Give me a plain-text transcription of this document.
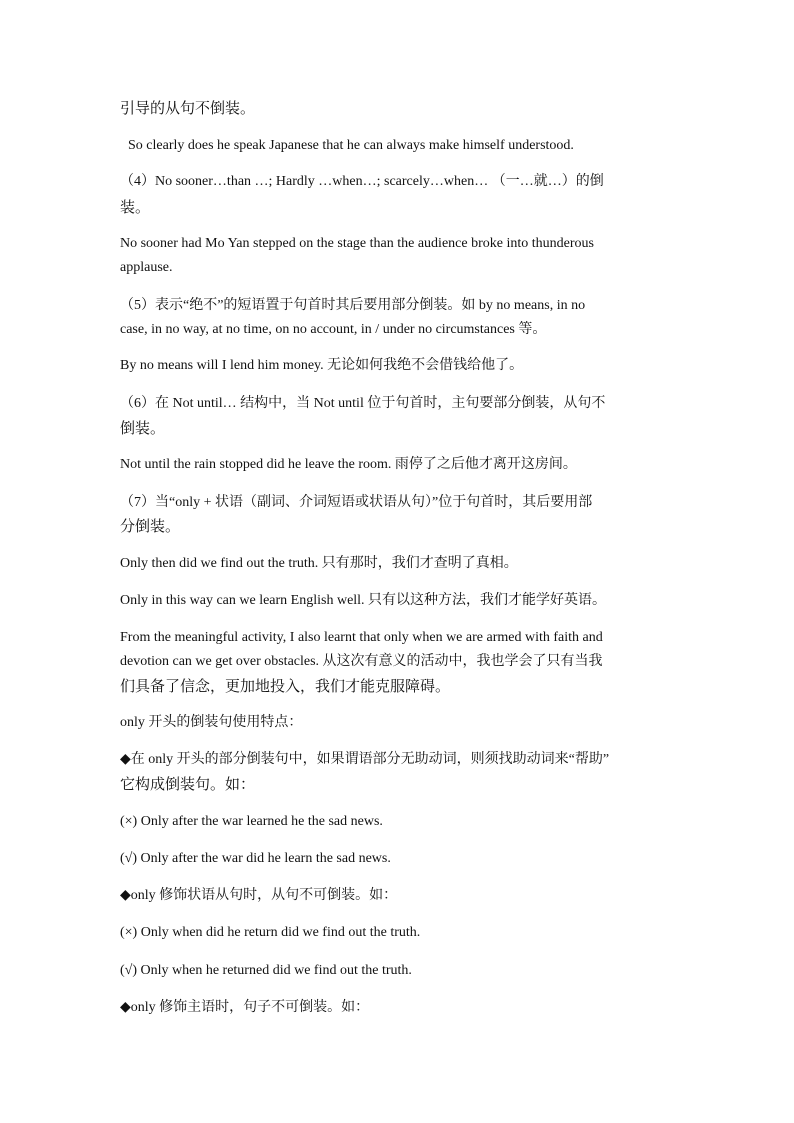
引导的从句不倒装。
So clearly does he speak Japanese that he can always make himself understood.
（4）No sooner…than …; Hardly …when…; scarcely…when… （一…就…）的倒
装。
No sooner had Mo Yan stepped on the stage than the audience broke into thunderous
applause.
（5）表示“绝不”的短语置于句首时其后要用部分倒装。如 by no means, in no
case, in no way, at no time, on no account, in / under no circumstances 等。
By no means will I lend him money. 无论如何我绝不会借钱给他了。
（6）在 Not until… 结构中，当 Not until 位于句首时，主句要部分倒装，从句不
倒装。
Not until the rain stopped did he leave the room. 雨停了之后他才离开这房间。
（7）当“only + 状语（副词、介词短语或状语从句）”位于句首时，其后要用部
分倒装。
Only then did we find out the truth. 只有那时，我们才查明了真相。
Only in this way can we learn English well. 只有以这种方法，我们才能学好英语。
From the meaningful activity, I also learnt that only when we are armed with faith and
devotion can we get over obstacles. 从这次有意义的活动中，我也学会了只有当我
们具备了信念，更加地投入，我们才能克服障碍。
only 开头的倒装句使用特点：
◆在 only 开头的部分倒装句中，如果谓语部分无助动词，则须找助动词来“帮助”
它构成倒装句。如：
(×) Only after the war learned he the sad news.
(√) Only after the war did he learn the sad news.
◆only 修饰状语从句时，从句不可倒装。如：
(×) Only when did he return did we find out the truth.
(√) Only when he returned did we find out the truth.
◆only 修饰主语时，句子不可倒装。如：
